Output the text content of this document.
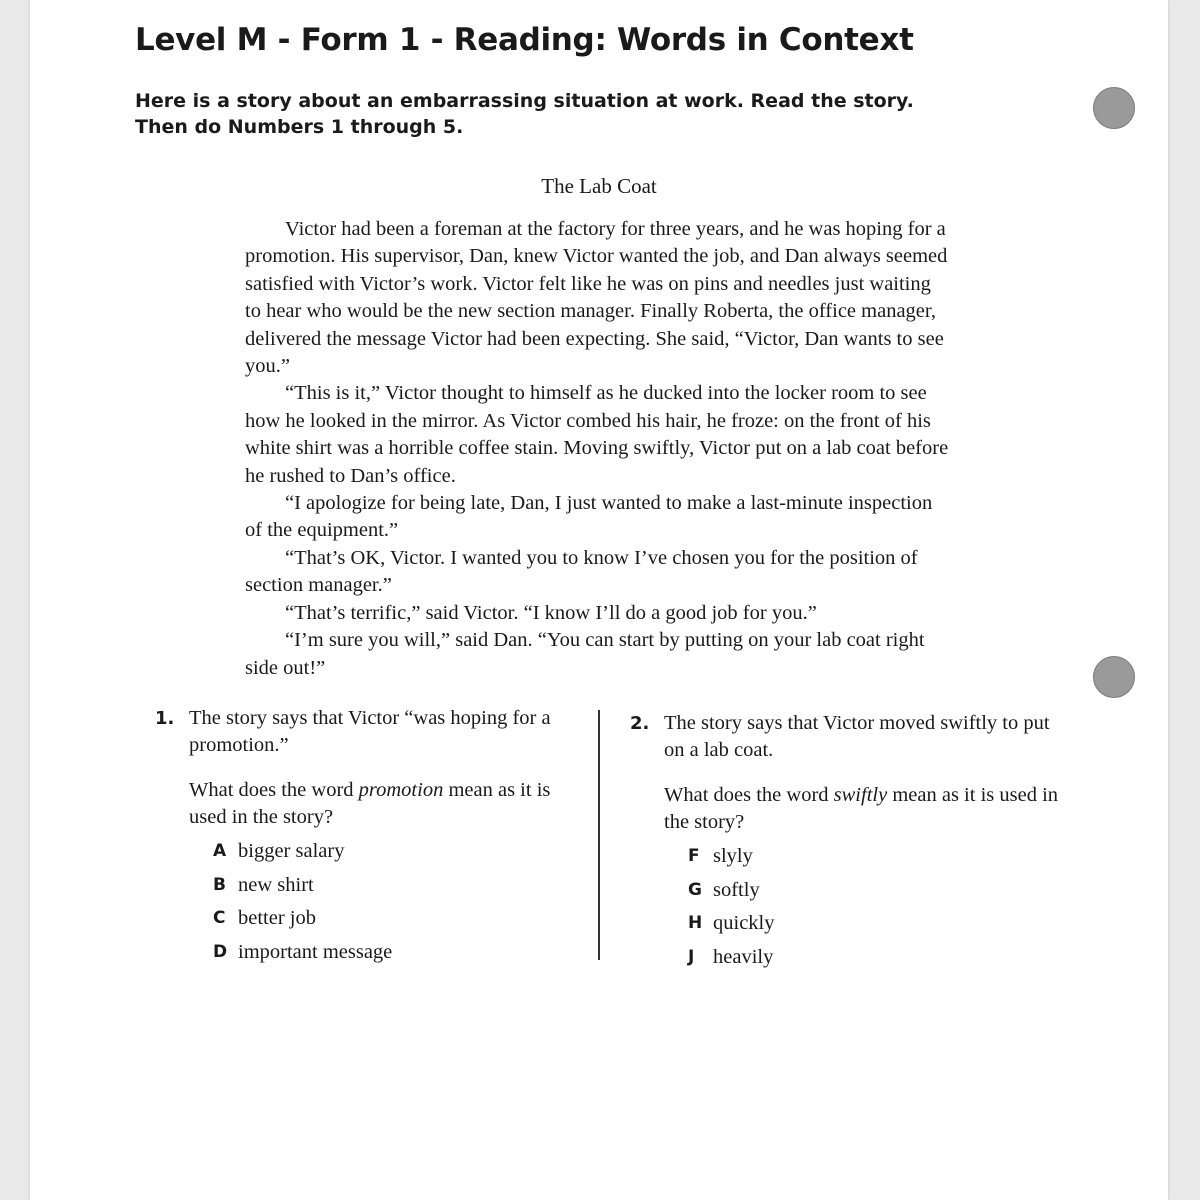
Level M - Form 1 - Reading: Words in Context
Here is a story about an embarrassing situation at work. Read the story. Then do Numbers 1 through 5.
The Lab Coat

Victor had been a foreman at the factory for three years, and he was hoping for a promotion. His supervisor, Dan, knew Victor wanted the job, and Dan always seemed satisfied with Victor’s work. Victor felt like he was on pins and needles just waiting to hear who would be the new section manager. Finally Roberta, the office manager, delivered the message Victor had been expecting. She said, “Victor, Dan wants to see you.”

“This is it,” Victor thought to himself as he ducked into the locker room to see how he looked in the mirror. As Victor combed his hair, he froze: on the front of his white shirt was a horrible coffee stain. Moving swiftly, Victor put on a lab coat before he rushed to Dan’s office.

“I apologize for being late, Dan, I just wanted to make a last-minute inspection of the equipment.”

“That’s OK, Victor. I wanted you to know I’ve chosen you for the position of section manager.”

“That’s terrific,” said Victor. “I know I’ll do a good job for you.”

“I’m sure you will,” said Dan. “You can start by putting on your lab coat right side out!”

1. The story says that Victor “was hoping for a promotion.”
What does the word promotion mean as it is used in the story?
A bigger salary
B new shirt
C better job
D important message
2. The story says that Victor moved swiftly to put on a lab coat.
What does the word swiftly mean as it is used in the story?
F slyly
G softly
H quickly
J heavily
